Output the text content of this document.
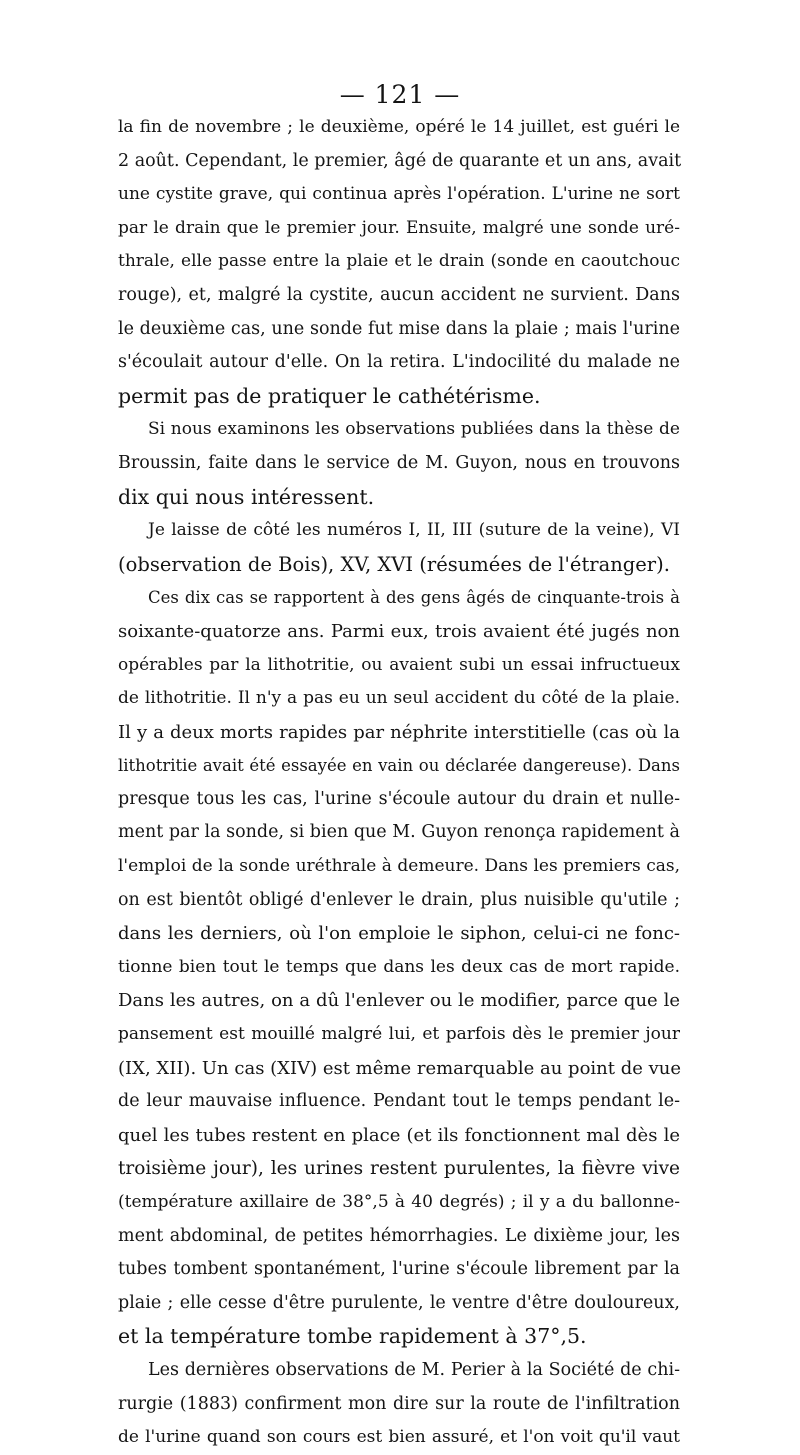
— 121 —
la fin de novembre ; le deuxième, opéré le 14 juillet, est guéri le
2 août. Cependant, le premier, âgé de quarante et un ans, avait
une cystite grave, qui continua après l'opération. L'urine ne sort
par le drain que le premier jour. Ensuite, malgré une sonde uré-
thrale, elle passe entre la plaie et le drain (sonde en caoutchouc
rouge), et, malgré la cystite, aucun accident ne survient. Dans
le deuxième cas, une sonde fut mise dans la plaie ; mais l'urine
s'écoulait autour d'elle. On la retira. L'indocilité du malade ne
permit pas de pratiquer le cathétérisme.
Si nous examinons les observations publiées dans la thèse de
Broussin, faite dans le service de M. Guyon, nous en trouvons
dix qui nous intéressent.
Je laisse de côté les numéros I, II, III (suture de la veine), VI
(observation de Bois), XV, XVI (résumées de l'étranger).
Ces dix cas se rapportent à des gens âgés de cinquante-trois à
soixante-quatorze ans. Parmi eux, trois avaient été jugés non
opérables par la lithotritie, ou avaient subi un essai infructueux
de lithotritie. Il n'y a pas eu un seul accident du côté de la plaie.
Il y a deux morts rapides par néphrite interstitielle (cas où la
lithotritie avait été essayée en vain ou déclarée dangereuse). Dans
presque tous les cas, l'urine s'écoule autour du drain et nulle-
ment par la sonde, si bien que M. Guyon renonça rapidement à
l'emploi de la sonde uréthrale à demeure. Dans les premiers cas,
on est bientôt obligé d'enlever le drain, plus nuisible qu'utile ;
dans les derniers, où l'on emploie le siphon, celui-ci ne fonc-
tionne bien tout le temps que dans les deux cas de mort rapide.
Dans les autres, on a dû l'enlever ou le modifier, parce que le
pansement est mouillé malgré lui, et parfois dès le premier jour
(IX, XII). Un cas (XIV) est même remarquable au point de vue
de leur mauvaise influence. Pendant tout le temps pendant le-
quel les tubes restent en place (et ils fonctionnent mal dès le
troisième jour), les urines restent purulentes, la fièvre vive
(température axillaire de 38°,5 à 40 degrés) ; il y a du ballonne-
ment abdominal, de petites hémorrhagies. Le dixième jour, les
tubes tombent spontanément, l'urine s'écoule librement par la
plaie ; elle cesse d'être purulente, le ventre d'être douloureux,
et la température tombe rapidement à 37°,5.
Les dernières observations de M. Perier à la Société de chi-
rurgie (1883) confirment mon dire sur la route de l'infiltration
de l'urine quand son cours est bien assuré, et l'on voit qu'il vaut
